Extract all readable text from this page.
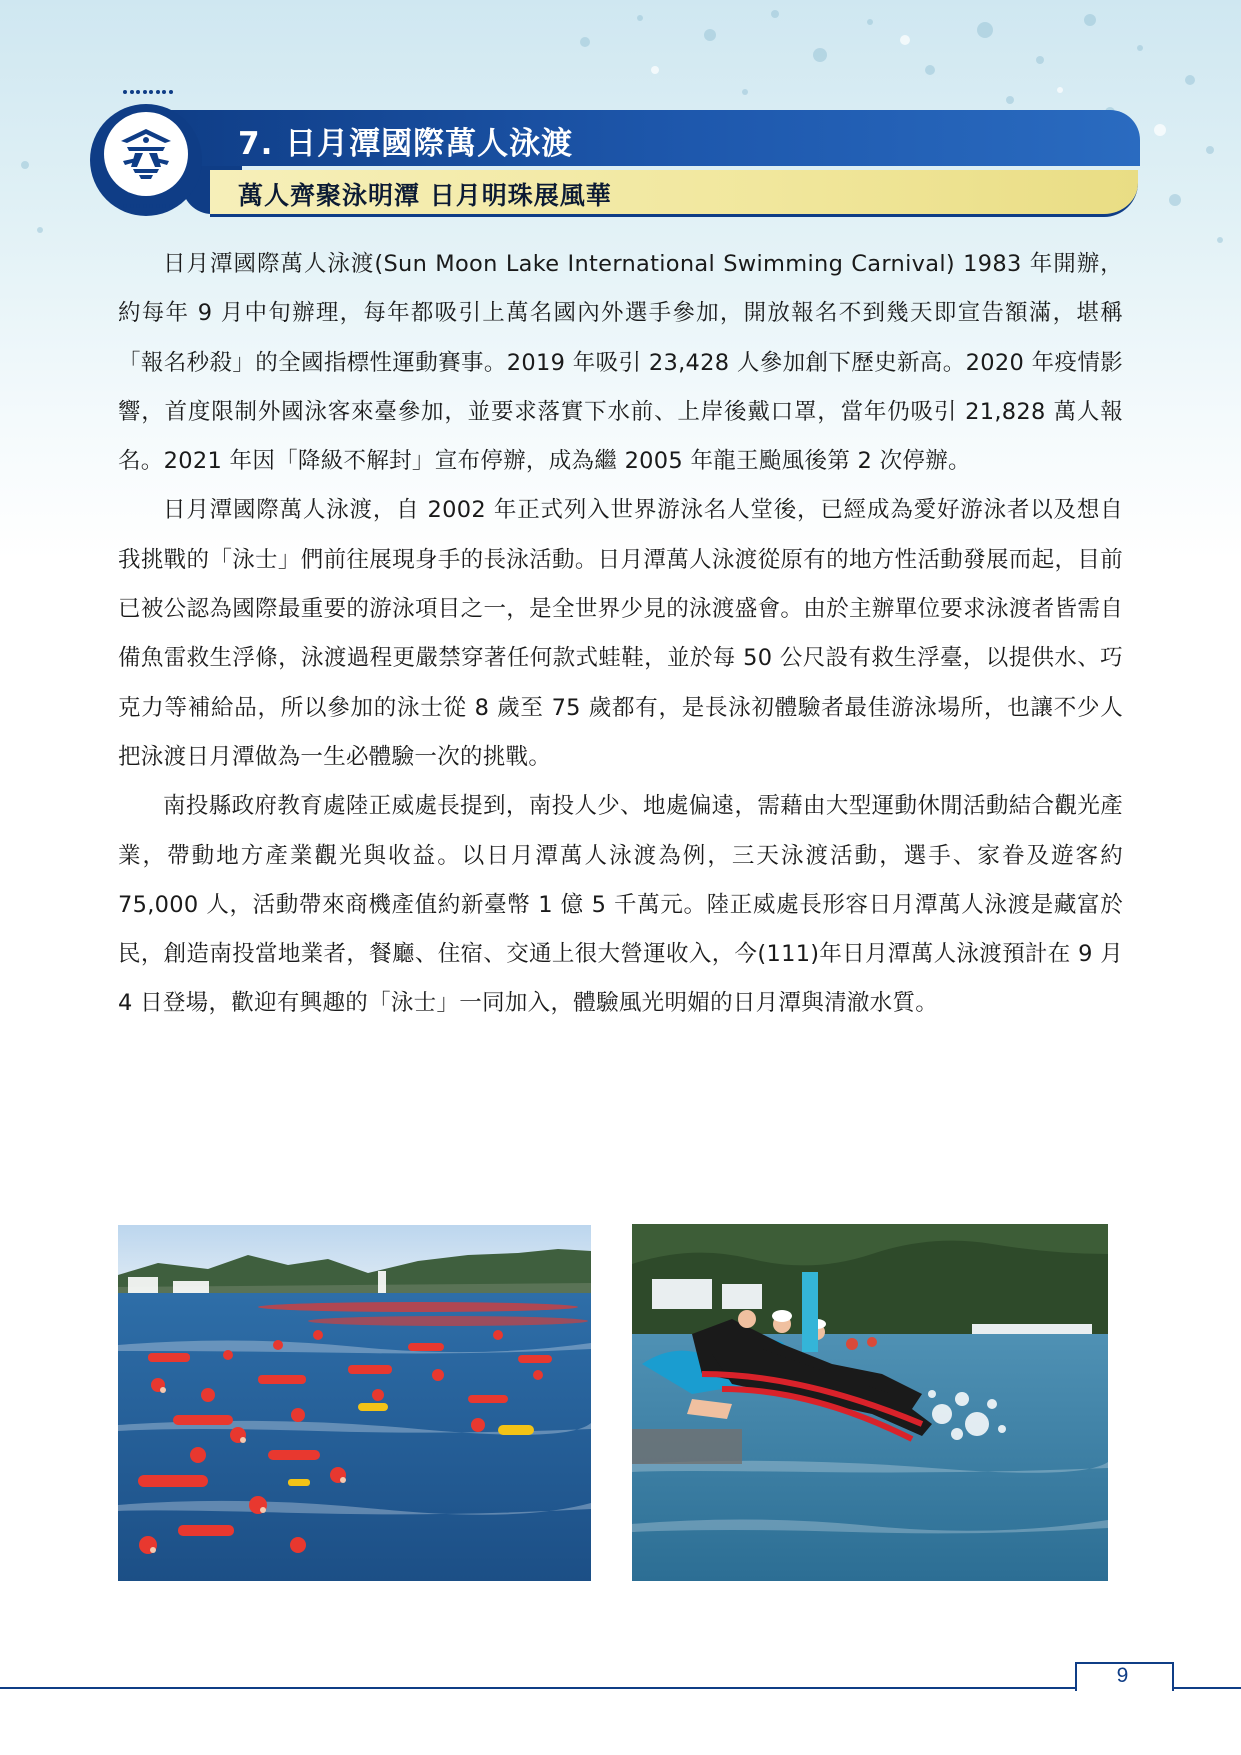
7. 日月潭國際萬人泳渡
萬人齊聚泳明潭 日月明珠展風華

日月潭國際萬人泳渡(Sun Moon Lake International Swimming Carnival) 1983 年開辦，約每年 9 月中旬辦理，每年都吸引上萬名國內外選手參加，開放報名不到幾天即宣告額滿，堪稱「報名秒殺」的全國指標性運動賽事。2019 年吸引 23,428 人參加創下歷史新高。2020 年疫情影響，首度限制外國泳客來臺參加，並要求落實下水前、上岸後戴口罩，當年仍吸引 21,828 萬人報名。2021 年因「降級不解封」宣布停辦，成為繼 2005 年龍王颱風後第 2 次停辦。

日月潭國際萬人泳渡，自 2002 年正式列入世界游泳名人堂後，已經成為愛好游泳者以及想自我挑戰的「泳士」們前往展現身手的長泳活動。日月潭萬人泳渡從原有的地方性活動發展而起，目前已被公認為國際最重要的游泳項目之一，是全世界少見的泳渡盛會。由於主辦單位要求泳渡者皆需自備魚雷救生浮條，泳渡過程更嚴禁穿著任何款式蛙鞋，並於每 50 公尺設有救生浮臺，以提供水、巧克力等補給品，所以參加的泳士從 8 歲至 75 歲都有，是長泳初體驗者最佳游泳場所，也讓不少人把泳渡日月潭做為一生必體驗一次的挑戰。

南投縣政府教育處陸正威處長提到，南投人少、地處偏遠，需藉由大型運動休閒活動結合觀光產業，帶動地方產業觀光與收益。以日月潭萬人泳渡為例，三天泳渡活動，選手、家眷及遊客約 75,000 人，活動帶來商機產值約新臺幣 1 億 5 千萬元。陸正威處長形容日月潭萬人泳渡是藏富於民，創造南投當地業者，餐廳、住宿、交通上很大營運收入，今(111)年日月潭萬人泳渡預計在 9 月 4 日登場，歡迎有興趣的「泳士」一同加入，體驗風光明媚的日月潭與清澈水質。

9
